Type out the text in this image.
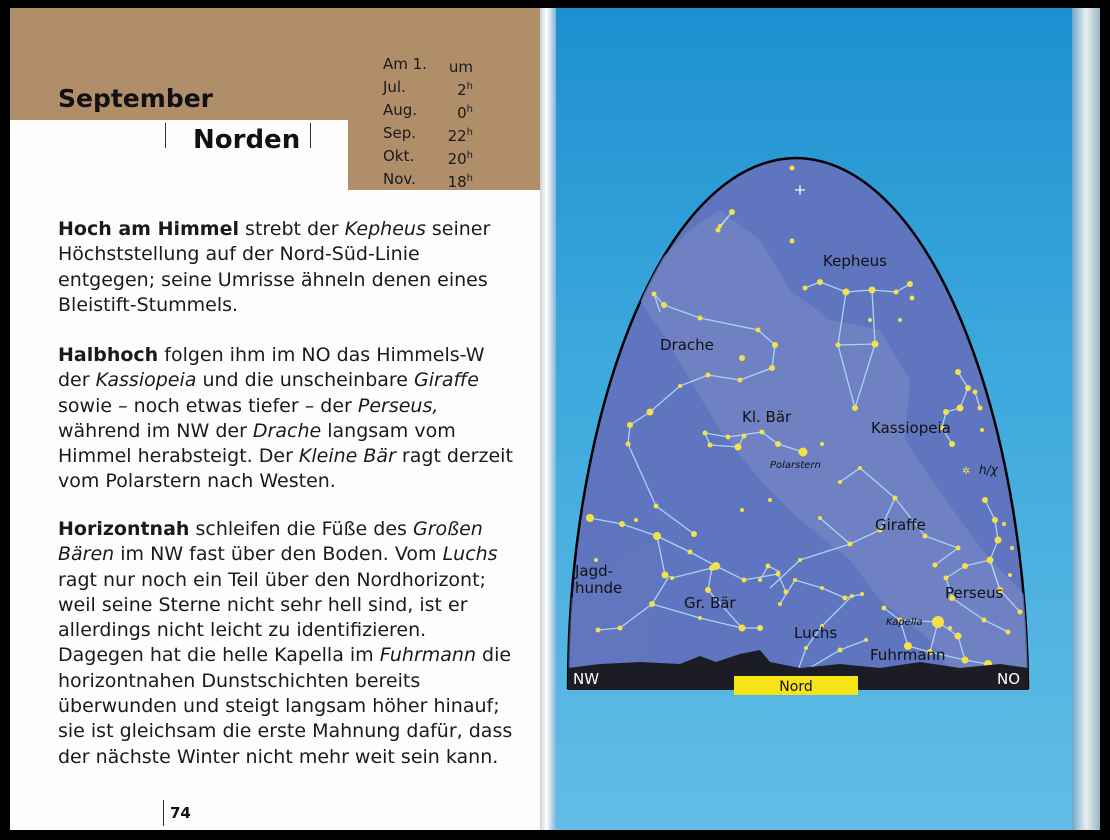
September
Norden
Am 1. um
Jul.	2$^h$
Aug.	0$^h$
Sep. 22$^h$
Okt. 20$^h$
Nov. 18$^h$
Hoch am Himmel strebt der Kepheus seiner Höchststellung auf der Nord-Süd-Linie entgegen; seine Umrisse ähneln denen eines Bleistift-Stummels.
Halbhoch folgen ihm im NO das Himmels-W der Kassiopeia und die unscheinbare Giraffe sowie – noch etwas tiefer – der Perseus, während im NW der Drache langsam vom Himmel herabsteigt. Der Kleine Bär ragt derzeit vom Polarstern nach Westen.
Horizontnah schleifen die Füße des Großen Bären im NW fast über den Boden. Vom Luchs ragt nur noch ein Teil über den Nordhorizont; weil seine Sterne nicht sehr hell sind, ist er allerdings nicht leicht zu identifizieren. Dagegen hat die helle Kapella im Fuhrmann die horizontnahen Dunstschichten bereits überwunden und steigt langsam höher hinauf; sie ist gleichsam die erste Mahnung dafür, dass der nächste Winter nicht mehr weit sein kann.
74
Nord
NW	NO
Kepheus
Drache
Kl. Bär
Polarstern
Kassiopeia
✲ h/χ
Giraffe
Jagd-
hunde
Gr. Bär
Perseus
Kapella
Luchs
Fuhrmann
